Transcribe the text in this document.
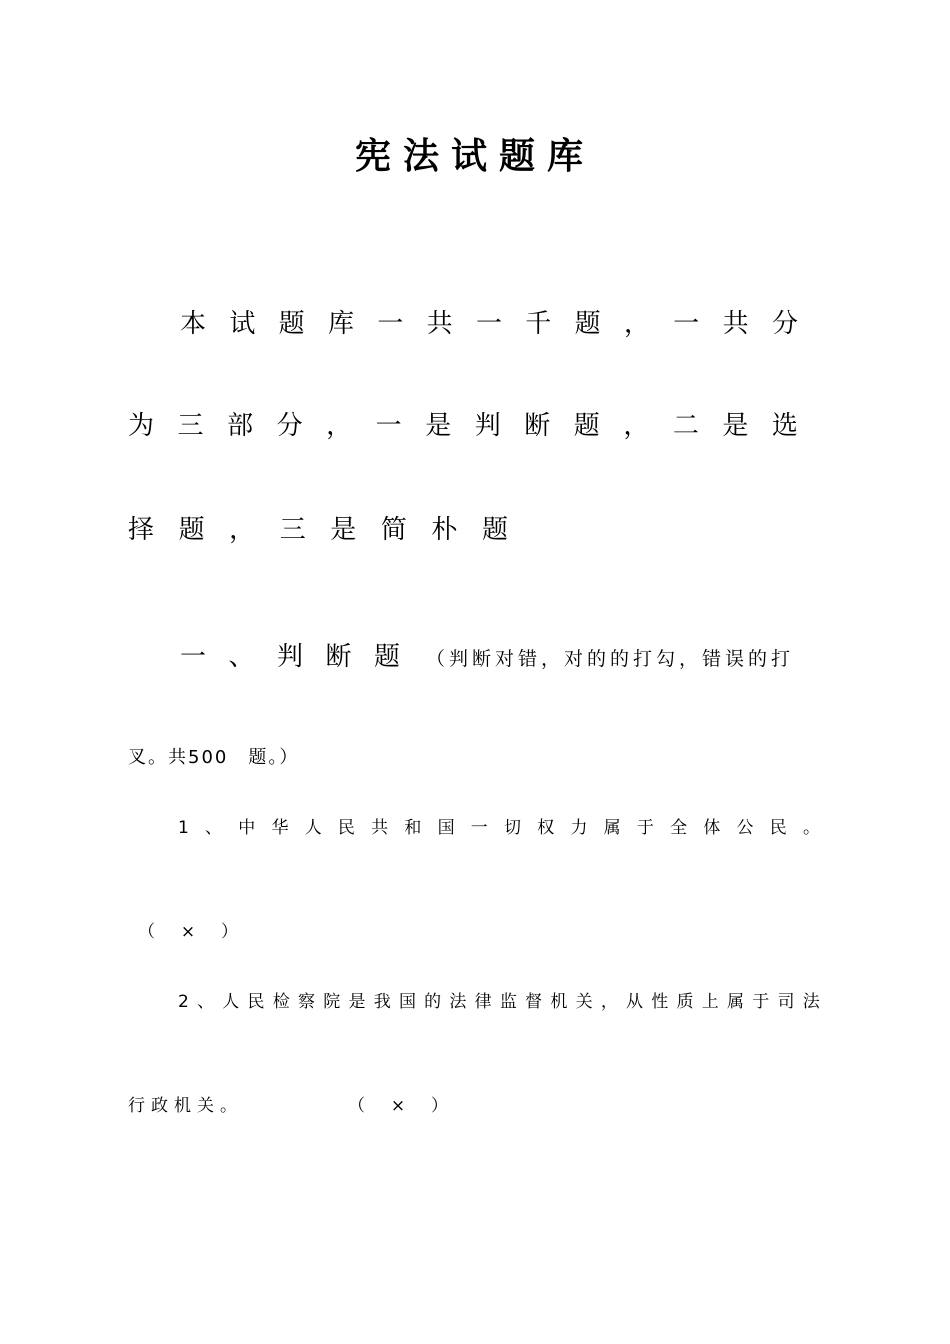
宪法试题库
本 试 题 库 一 共 一 千 题 ， 一 共 分
为 三 部 分 ， 一 是 判 断 题 ， 二 是 选
择 题 ， 三 是 简 朴 题
一 、 判 断 题 （判断对错，对的的打勾，错误的打
叉。共500　题。）
1 、 中 华 人 民 共 和 国 一 切 权 力 属 于 全 体 公 民 。
（ × ）
2 、 人 民 检 察 院 是 我 国 的 法 律 监 督 机 关 ， 从 性 质 上 属 于 司 法
行政机关。	（ × ）
